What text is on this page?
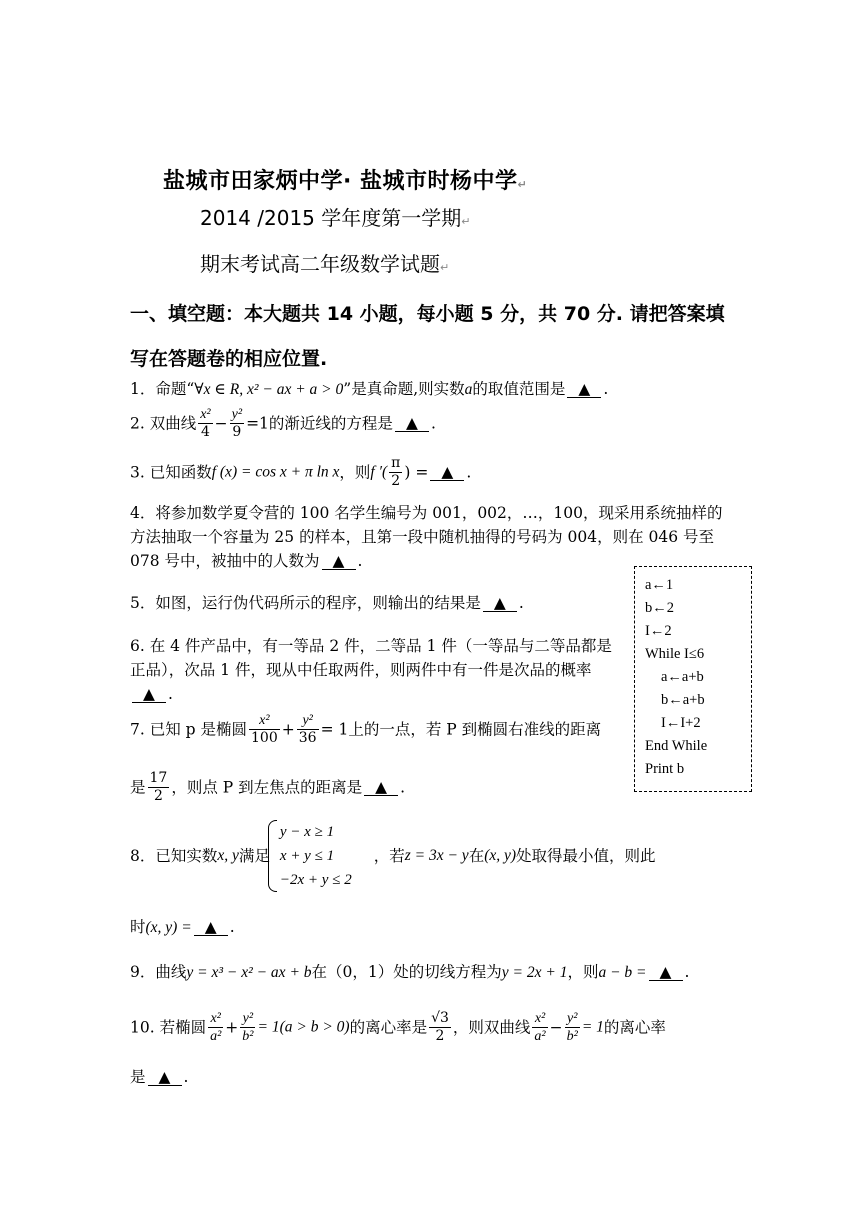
盐城市田家炳中学· 盐城市时杨中学↵
2014 /2015 学年度第一学期↵
期末考试高二年级数学试题↵
一、填空题：本大题共 14 小题，每小题 5 分，共 70 分. 请把答案填
写在答题卷的相应位置.
1．命题“∀x ∈ R, x² − ax + a > 0”是真命题,则实数a的取值范围是 ▲ .
2. 双曲线 $\frac{\text{x²}}{4} - \frac{\text{y²}}{9} =1$的渐近线的方程是 ▲ .
3. 已知函数f (x) = cos x + π ln x，则f ′( $\frac{\pi}{2}$ ) = ▲ .
4．将参加数学夏令营的 100 名学生编号为 001，002，…，100，现采用系统抽样的方法抽取一个容量为 25 的样本，且第一段中随机抽得的号码为 004，则在 046 号至 078 号中，被抽中的人数为 ▲ .
5．如图，运行伪代码所示的程序，则输出的结果是 ▲ .
6. 在 4 件产品中，有一等品 2 件，二等品 1 件（一等品与二等品都是正品），次品 1 件，现从中任取两件，则两件中有一件是次品的概率▲ .
7. 已知 p 是椭圆 $\frac{\text{x²}}{100} + \frac{\text{y²}}{36} = 1$上的一点，若 P 到椭圆右准线的距离
是 $\frac{17}{2}$ ，则点 P 到左焦点的距离是 ▲ .
8．已知实数x, y满足
y − x ≥ 1
x + y ≤ 1
−2x + y ≤ 2
，若z = 3x − y在(x, y)处取得最小值，则此
时(x, y) = ▲ .
9．曲线y = x³ − x² − ax + b在（0，1）处的切线方程为y = 2x + 1，则a − b = ▲ .
10. 若椭圆 $\frac{\text{x²}}{\text{a²}} + \frac{\text{y²}}{\text{b²}} = 1(a > b > 0)$的离心率是 $\frac{√3}{2}$ ，则双曲线 $\frac{\text{x²}}{\text{a²}} - \frac{\text{y²}}{\text{b²}} = 1$的离心率
是 ▲ .
a←1
b←2
I←2
While I≤6
a←a+b
b←a+b
I←I+2
End While
Print b
